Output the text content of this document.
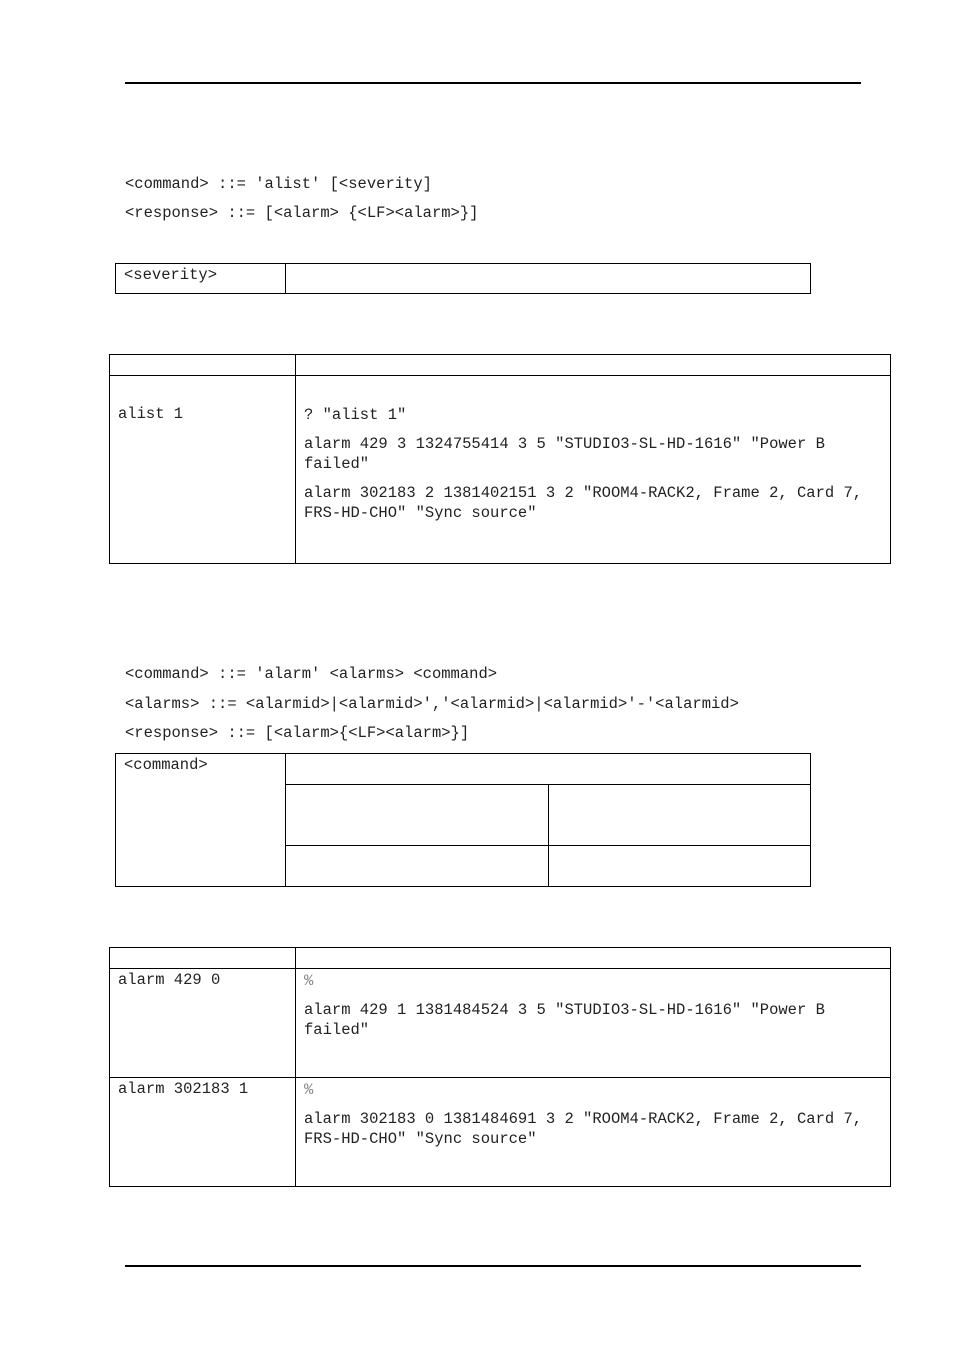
<command> ::= 'alist' [<severity]
<response> ::= [<alarm> {<LF><alarm>}]
<severity>

alist 1	? "alist 1"

alarm 429 3 1324755414 3 5 "STUDIO3-SL-HD-1616" "Power B failed"

alarm 302183 2 1381402151 3 2 "ROOM4-RACK2, Frame 2, Card 7, FRS-HD-CHO" "Sync source"

<command> ::= 'alarm' <alarms> <command>
<alarms> ::= <alarmid>|<alarmid>','<alarmid>|<alarmid>'-'<alarmid>
<response> ::= [<alarm>{<LF><alarm>}]
<command>		

alarm 429 0	%

alarm 429 1 1381484524 3 5 "STUDIO3-SL-HD-1616" "Power B failed"

alarm 302183 1	%

alarm 302183 0 1381484691 3 2 "ROOM4-RACK2, Frame 2, Card 7, FRS-HD-CHO" "Sync source"
